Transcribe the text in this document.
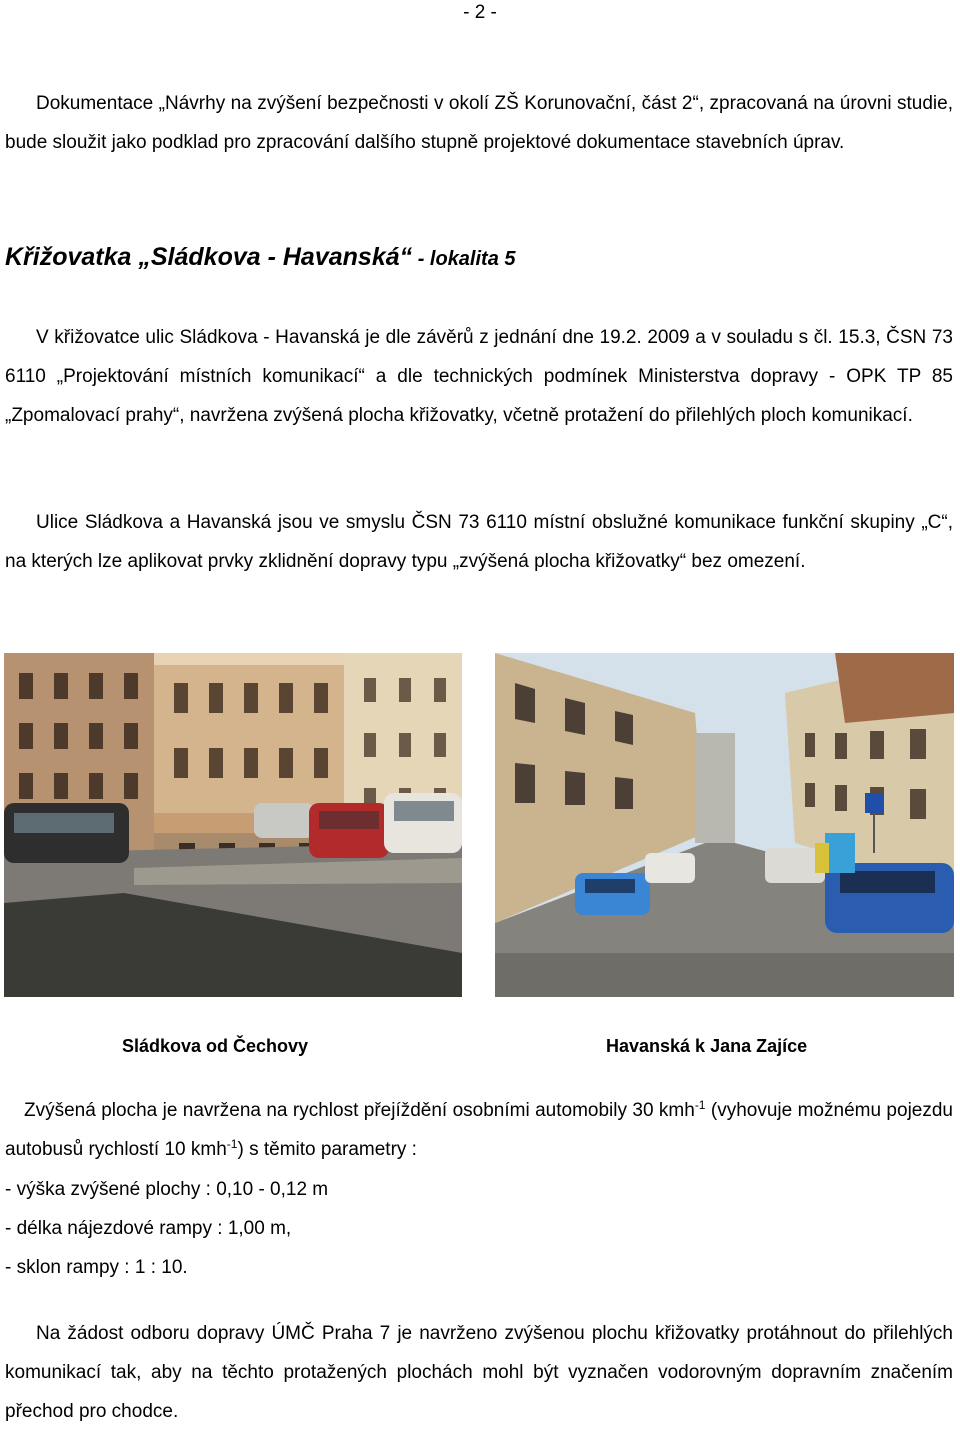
- 2 -
Dokumentace „Návrhy na zvýšení bezpečnosti v okolí ZŠ Korunovační, část 2“, zpracovaná na úrovni studie, bude sloužit jako podklad pro zpracování dalšího stupně projektové dokumentace stavebních úprav.
Křižovatka „Sládkova - Havanská“ - lokalita 5
V křižovatce ulic Sládkova - Havanská je dle závěrů z jednání dne 19.2. 2009 a v souladu s čl. 15.3, ČSN 73 6110 „Projektování místních komunikací“ a dle technických podmínek Ministerstva dopravy - OPK TP 85 „Zpomalovací prahy“, navržena zvýšená plocha křižovatky, včetně protažení do přilehlých ploch komunikací.
Ulice Sládkova a Havanská jsou ve smyslu ČSN 73 6110 místní obslužné komunikace funkční skupiny „C“, na kterých lze aplikovat prvky zklidnění dopravy typu „zvýšená plocha křižovatky“ bez omezení.
Sládkova od Čechovy	Havanská k Jana Zajíce
Zvýšená plocha je navržena na rychlost přejíždění osobními automobily 30 kmh$^{-1}$ (vyhovuje možnému pojezdu autobusů rychlostí 10 kmh$^{-1}$) s těmito parametry :
- výška zvýšené plochy : 0,10 - 0,12 m
- délka nájezdové rampy : 1,00 m,
- sklon rampy : 1 : 10.
Na žádost odboru dopravy ÚMČ Praha 7 je navrženo zvýšenou plochu křižovatky protáhnout do přilehlých komunikací tak, aby na těchto protažených plochách mohl být vyznačen vodorovným dopravním značením přechod pro chodce.
